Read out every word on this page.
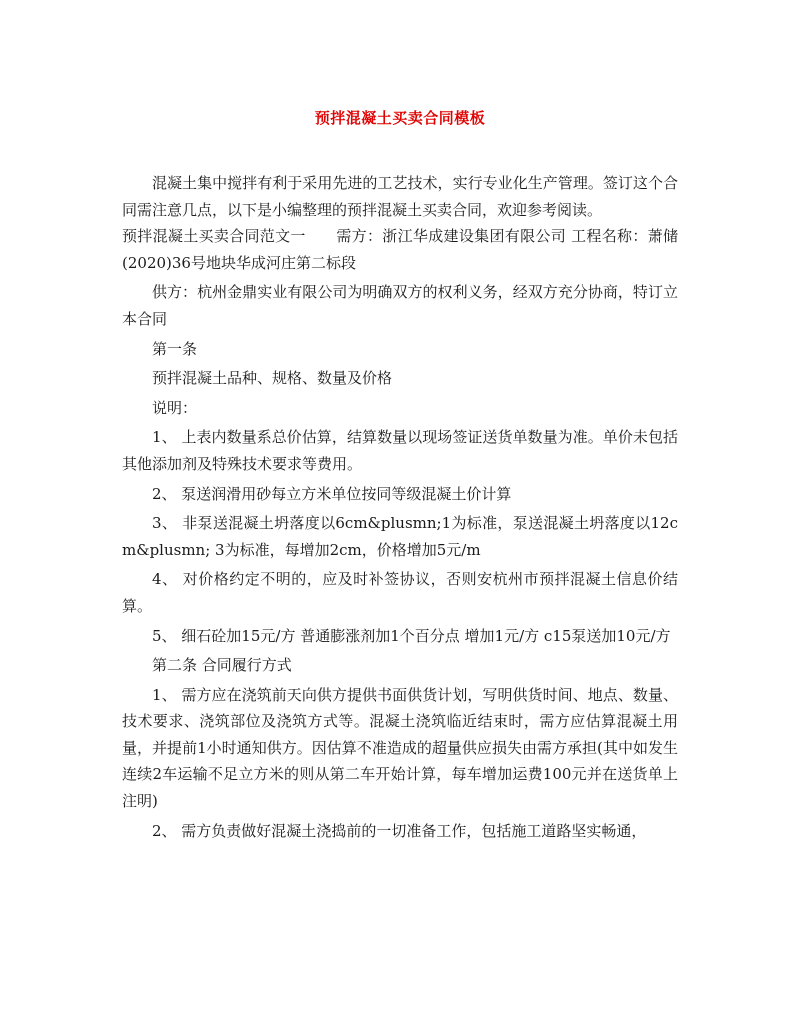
预拌混凝土买卖合同模板

混凝土集中搅拌有利于采用先进的工艺技术，实行专业化生产管理。签订这个合同需注意几点，以下是小编整理的预拌混凝土买卖合同，欢迎参考阅读。

预拌混凝土买卖合同范文一　　需方：浙江华成建设集团有限公司 工程名称：萧储(2020)36号地块华成河庄第二标段

供方：杭州金鼎实业有限公司为明确双方的权利义务，经双方充分协商，特订立本合同

第一条

预拌混凝土品种、规格、数量及价格

说明：

1、 上表内数量系总价估算，结算数量以现场签证送货单数量为准。单价未包括其他添加剂及特殊技术要求等费用。

2、 泵送润滑用砂每立方米单位按同等级混凝土价计算

3、 非泵送混凝土坍落度以6cm&plusmn;1为标准，泵送混凝土坍落度以12cm&plusmn; 3为标准，每增加2cm，价格增加5元/m

4、 对价格约定不明的，应及时补签协议，否则安杭州市预拌混凝土信息价结算。

5、 细石砼加15元/方 普通膨涨剂加1个百分点 增加1元/方 c15泵送加10元/方

第二条 合同履行方式

1、 需方应在浇筑前天向供方提供书面供货计划，写明供货时间、地点、数量、技术要求、浇筑部位及浇筑方式等。混凝土浇筑临近结束时，需方应估算混凝土用量，并提前1小时通知供方。因估算不准造成的超量供应损失由需方承担(其中如发生连续2车运输不足立方米的则从第二车开始计算，每车增加运费100元并在送货单上注明)

2、 需方负责做好混凝土浇捣前的一切准备工作，包括施工道路坚实畅通，
